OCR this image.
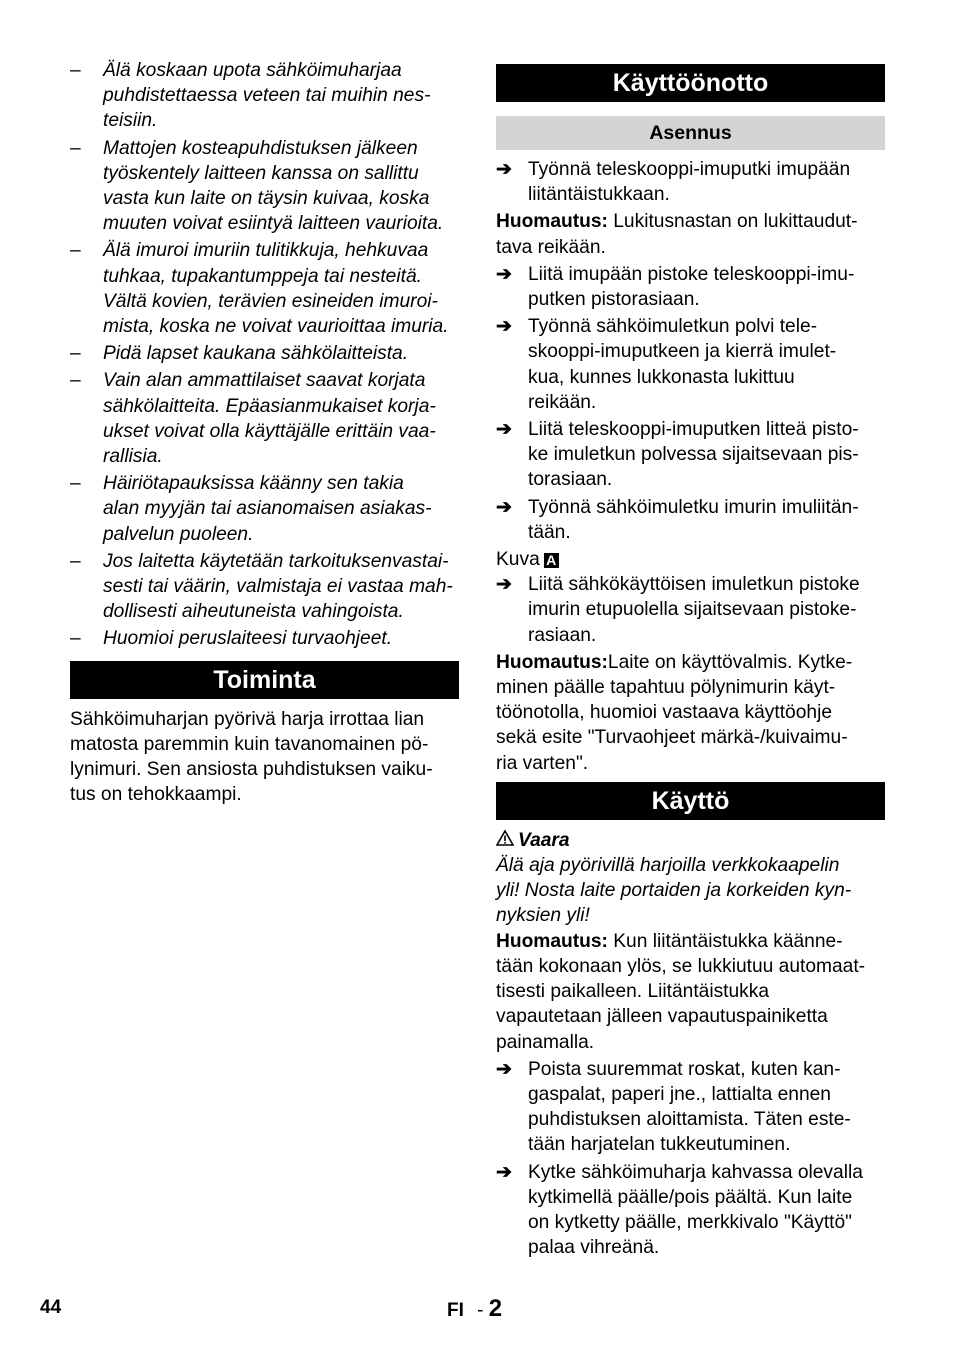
–	Älä koskaan upota sähköimuharjaa

puhdistettaessa veteen tai muihin nes-

teisiin.

–	Mattojen kosteapuhdistuksen jälkeen

työskentely laitteen kanssa on sallittu

vasta kun laite on täysin kuivaa, koska

muuten voivat esiintyä laitteen vaurioita.

–	Älä imuroi imuriin tulitikkuja, hehkuvaa

tuhkaa, tupakantumppeja tai nesteitä.

Vältä kovien, terävien esineiden imuroi-

mista, koska ne voivat vaurioittaa imuria.

–	Pidä lapset kaukana sähkölaitteista.

–	Vain alan ammattilaiset saavat korjata

sähkölaitteita. Epäasianmukaiset korja-

ukset voivat olla käyttäjälle erittäin vaa-

rallisia.

–	Häiriötapauksissa käänny sen takia

alan myyjän tai asianomaisen asiakas-

palvelun puoleen.

–	Jos laitetta käytetään tarkoituksenvastai-

sesti tai väärin, valmistaja ei vastaa mah-

dollisesti aiheutuneista vahingoista.

–	Huomioi peruslaiteesi turvaohjeet.

Toiminta

Sähköimuharjan pyörivä harja irrottaa lian

matosta paremmin kuin tavanomainen pö-

lynimuri. Sen ansiosta puhdistuksen vaiku-

tus on tehokkaampi.

Käyttöönotto
Asennus
➔ Työnnä teleskooppi-imuputki imupään

liitäntäistukkaan.

Huomautus: Lukitusnastan on lukittaudut-

tava reikään.

➔ Liitä imupään pistoke teleskooppi-imu-

putken pistorasiaan.

➔ Työnnä sähköimuletkun polvi tele-

skooppi-imuputkeen ja kierrä imulet-

kua, kunnes lukkonasta lukittuu

reikään.

➔ Liitä teleskooppi-imuputken litteä pisto-

ke imuletkun polvessa sijaitsevaan pis-

torasiaan.

➔ Työnnä sähköimuletku imurin imuliitän-

tään.

Kuva A

➔ Liitä sähkökäyttöisen imuletkun pistoke

imurin etupuolella sijaitsevaan pistoke-

rasiaan.

Huomautus:Laite on käyttövalmis. Kytke-

minen päälle tapahtuu pölynimurin käyt-

töönotolla, huomioi vastaava käyttöohje

sekä esite "Turvaohjeet märkä-/kuivaimu-

ria varten".

Käyttö

Vaara

Älä aja pyörivillä harjoilla verkkokaapelin

yli! Nosta laite portaiden ja korkeiden kyn-

nyksien yli!

Huomautus: Kun liitäntäistukka käänne-

tään kokonaan ylös, se lukkiutuu automaat-

tisesti paikalleen. Liitäntäistukka

vapautetaan jälleen vapautuspainiketta

painamalla.

➔ Poista suuremmat roskat, kuten kan-

gaspalat, paperi jne., lattialta ennen

puhdistuksen aloittamista. Täten este-

tään harjatelan tukkeutuminen.

➔ Kytke sähköimuharja kahvassa olevalla

kytkimellä päälle/pois päältä. Kun laite

on kytketty päälle, merkkivalo "Käyttö"

palaa vihreänä.

44	FI - 2
